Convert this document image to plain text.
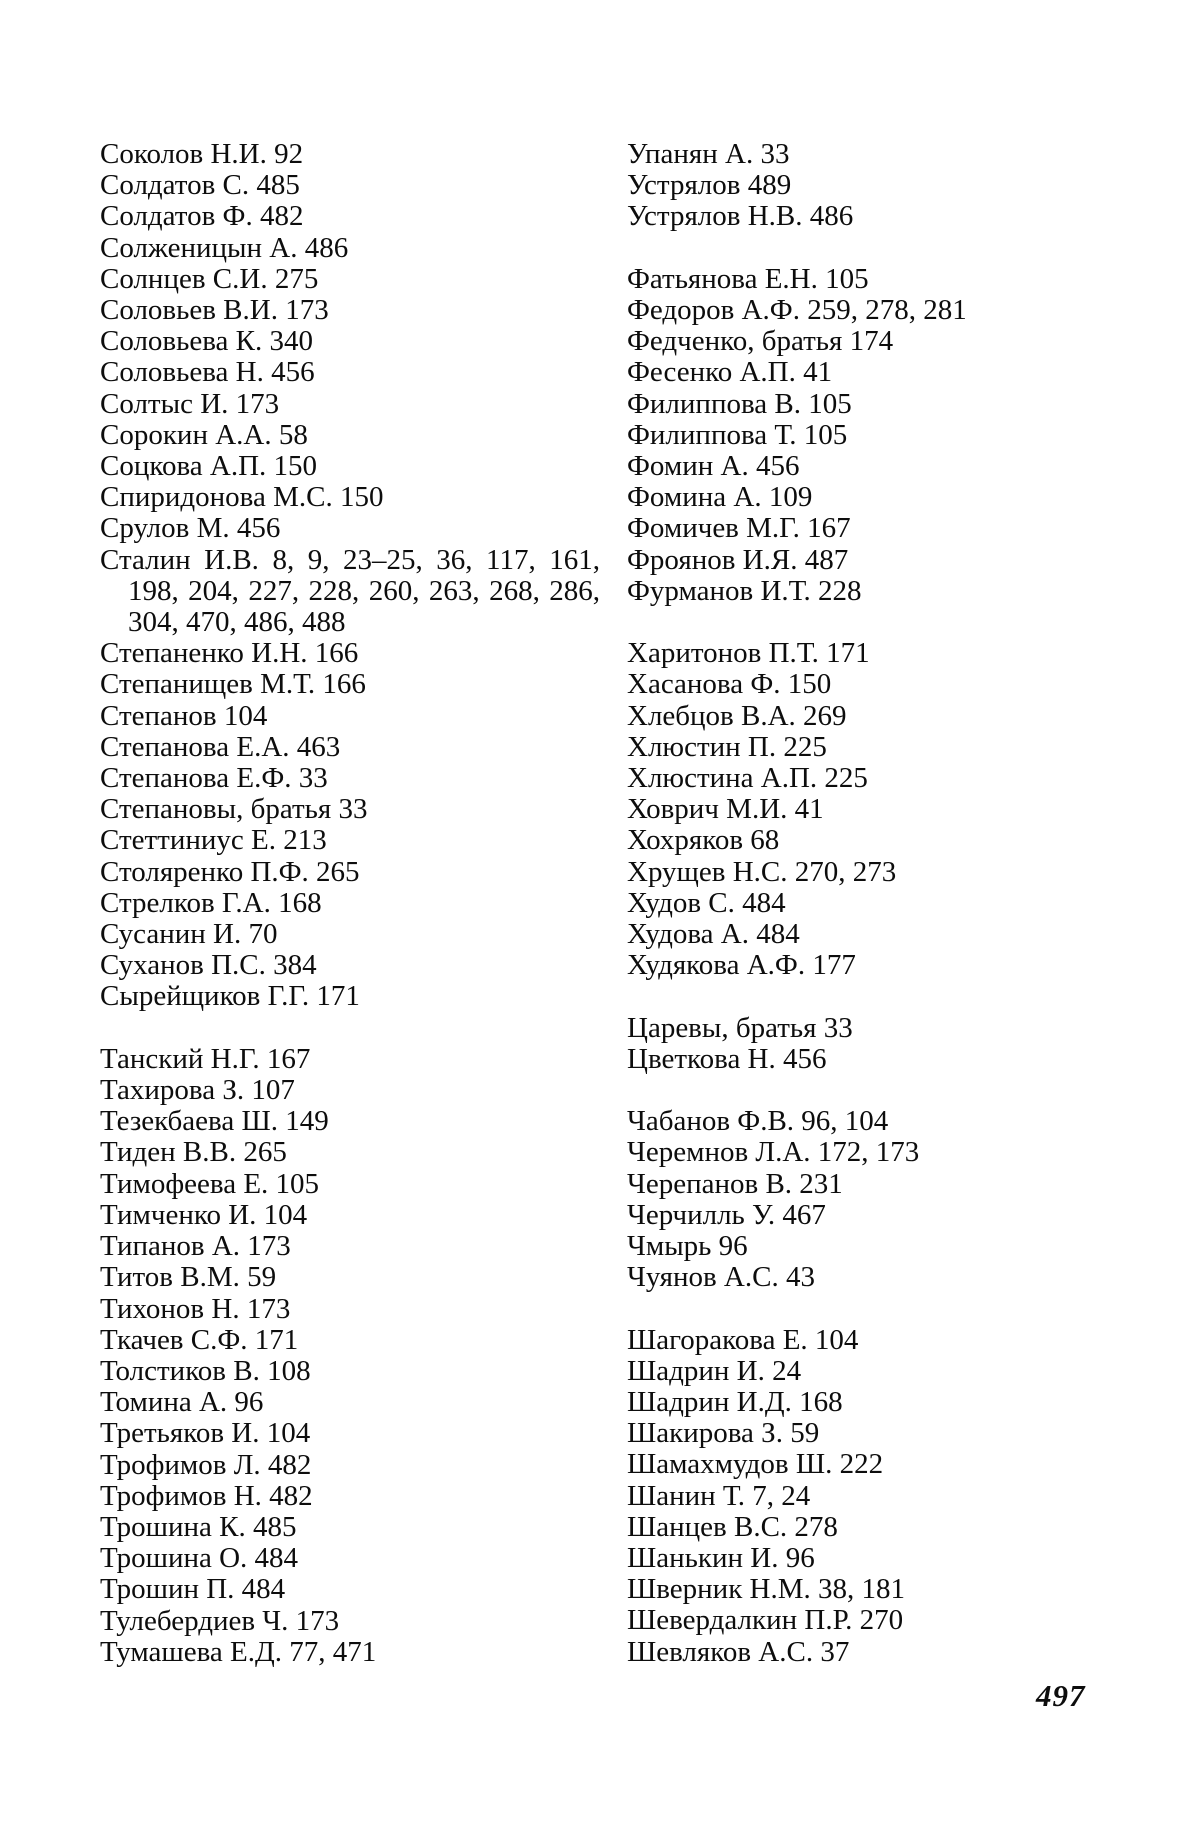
Соколов Н.И. 92
Солдатов С. 485
Солдатов Ф. 482
Солженицын А. 486
Солнцев С.И. 275
Соловьев В.И. 173
Соловьева К. 340
Соловьева Н. 456
Солтыс И. 173
Сорокин А.А. 58
Соцкова А.П. 150
Спиридонова М.С. 150
Срулов М. 456
Сталин И.В. 8, 9, 23–25, 36, 117, 161, 198, 204, 227, 228, 260, 263, 268, 286, 304, 470, 486, 488
Степаненко И.Н. 166
Степанищев М.Т. 166
Степанов 104
Степанова Е.А. 463
Степанова Е.Ф. 33
Степановы, братья 33
Стеттиниус Е. 213
Столяренко П.Ф. 265
Стрелков Г.А. 168
Сусанин И. 70
Суханов П.С. 384
Сырейщиков Г.Г. 171
Танский Н.Г. 167
Тахирова З. 107
Тезекбаева Ш. 149
Тиден В.В. 265
Тимофеева Е. 105
Тимченко И. 104
Типанов А. 173
Титов В.М. 59
Тихонов Н. 173
Ткачев С.Ф. 171
Толстиков В. 108
Томина А. 96
Третьяков И. 104
Трофимов Л. 482
Трофимов Н. 482
Трошина К. 485
Трошина О. 484
Трошин П. 484
Тулебердиев Ч. 173
Тумашева Е.Д. 77, 471
Упанян А. 33
Устрялов 489
Устрялов Н.В. 486
Фатьянова Е.Н. 105
Федоров А.Ф. 259, 278, 281
Федченко, братья 174
Фесенко А.П. 41
Филиппова В. 105
Филиппова Т. 105
Фомин А. 456
Фомина А. 109
Фомичев М.Г. 167
Фроянов И.Я. 487
Фурманов И.Т. 228
Харитонов П.Т. 171
Хасанова Ф. 150
Хлебцов В.А. 269
Хлюстин П. 225
Хлюстина А.П. 225
Ховрич М.И. 41
Хохряков 68
Хрущев Н.С. 270, 273
Худов С. 484
Худова А. 484
Худякова А.Ф. 177
Царевы, братья 33
Цветкова Н. 456
Чабанов Ф.В. 96, 104
Черемнов Л.А. 172, 173
Черепанов В. 231
Черчилль У. 467
Чмырь 96
Чуянов А.С. 43
Шагоракова Е. 104
Шадрин И. 24
Шадрин И.Д. 168
Шакирова З. 59
Шамахмудов Ш. 222
Шанин Т. 7, 24
Шанцев В.С. 278
Шанькин И. 96
Шверник Н.М. 38, 181
Шевердалкин П.Р. 270
Шевляков А.С. 37
497
